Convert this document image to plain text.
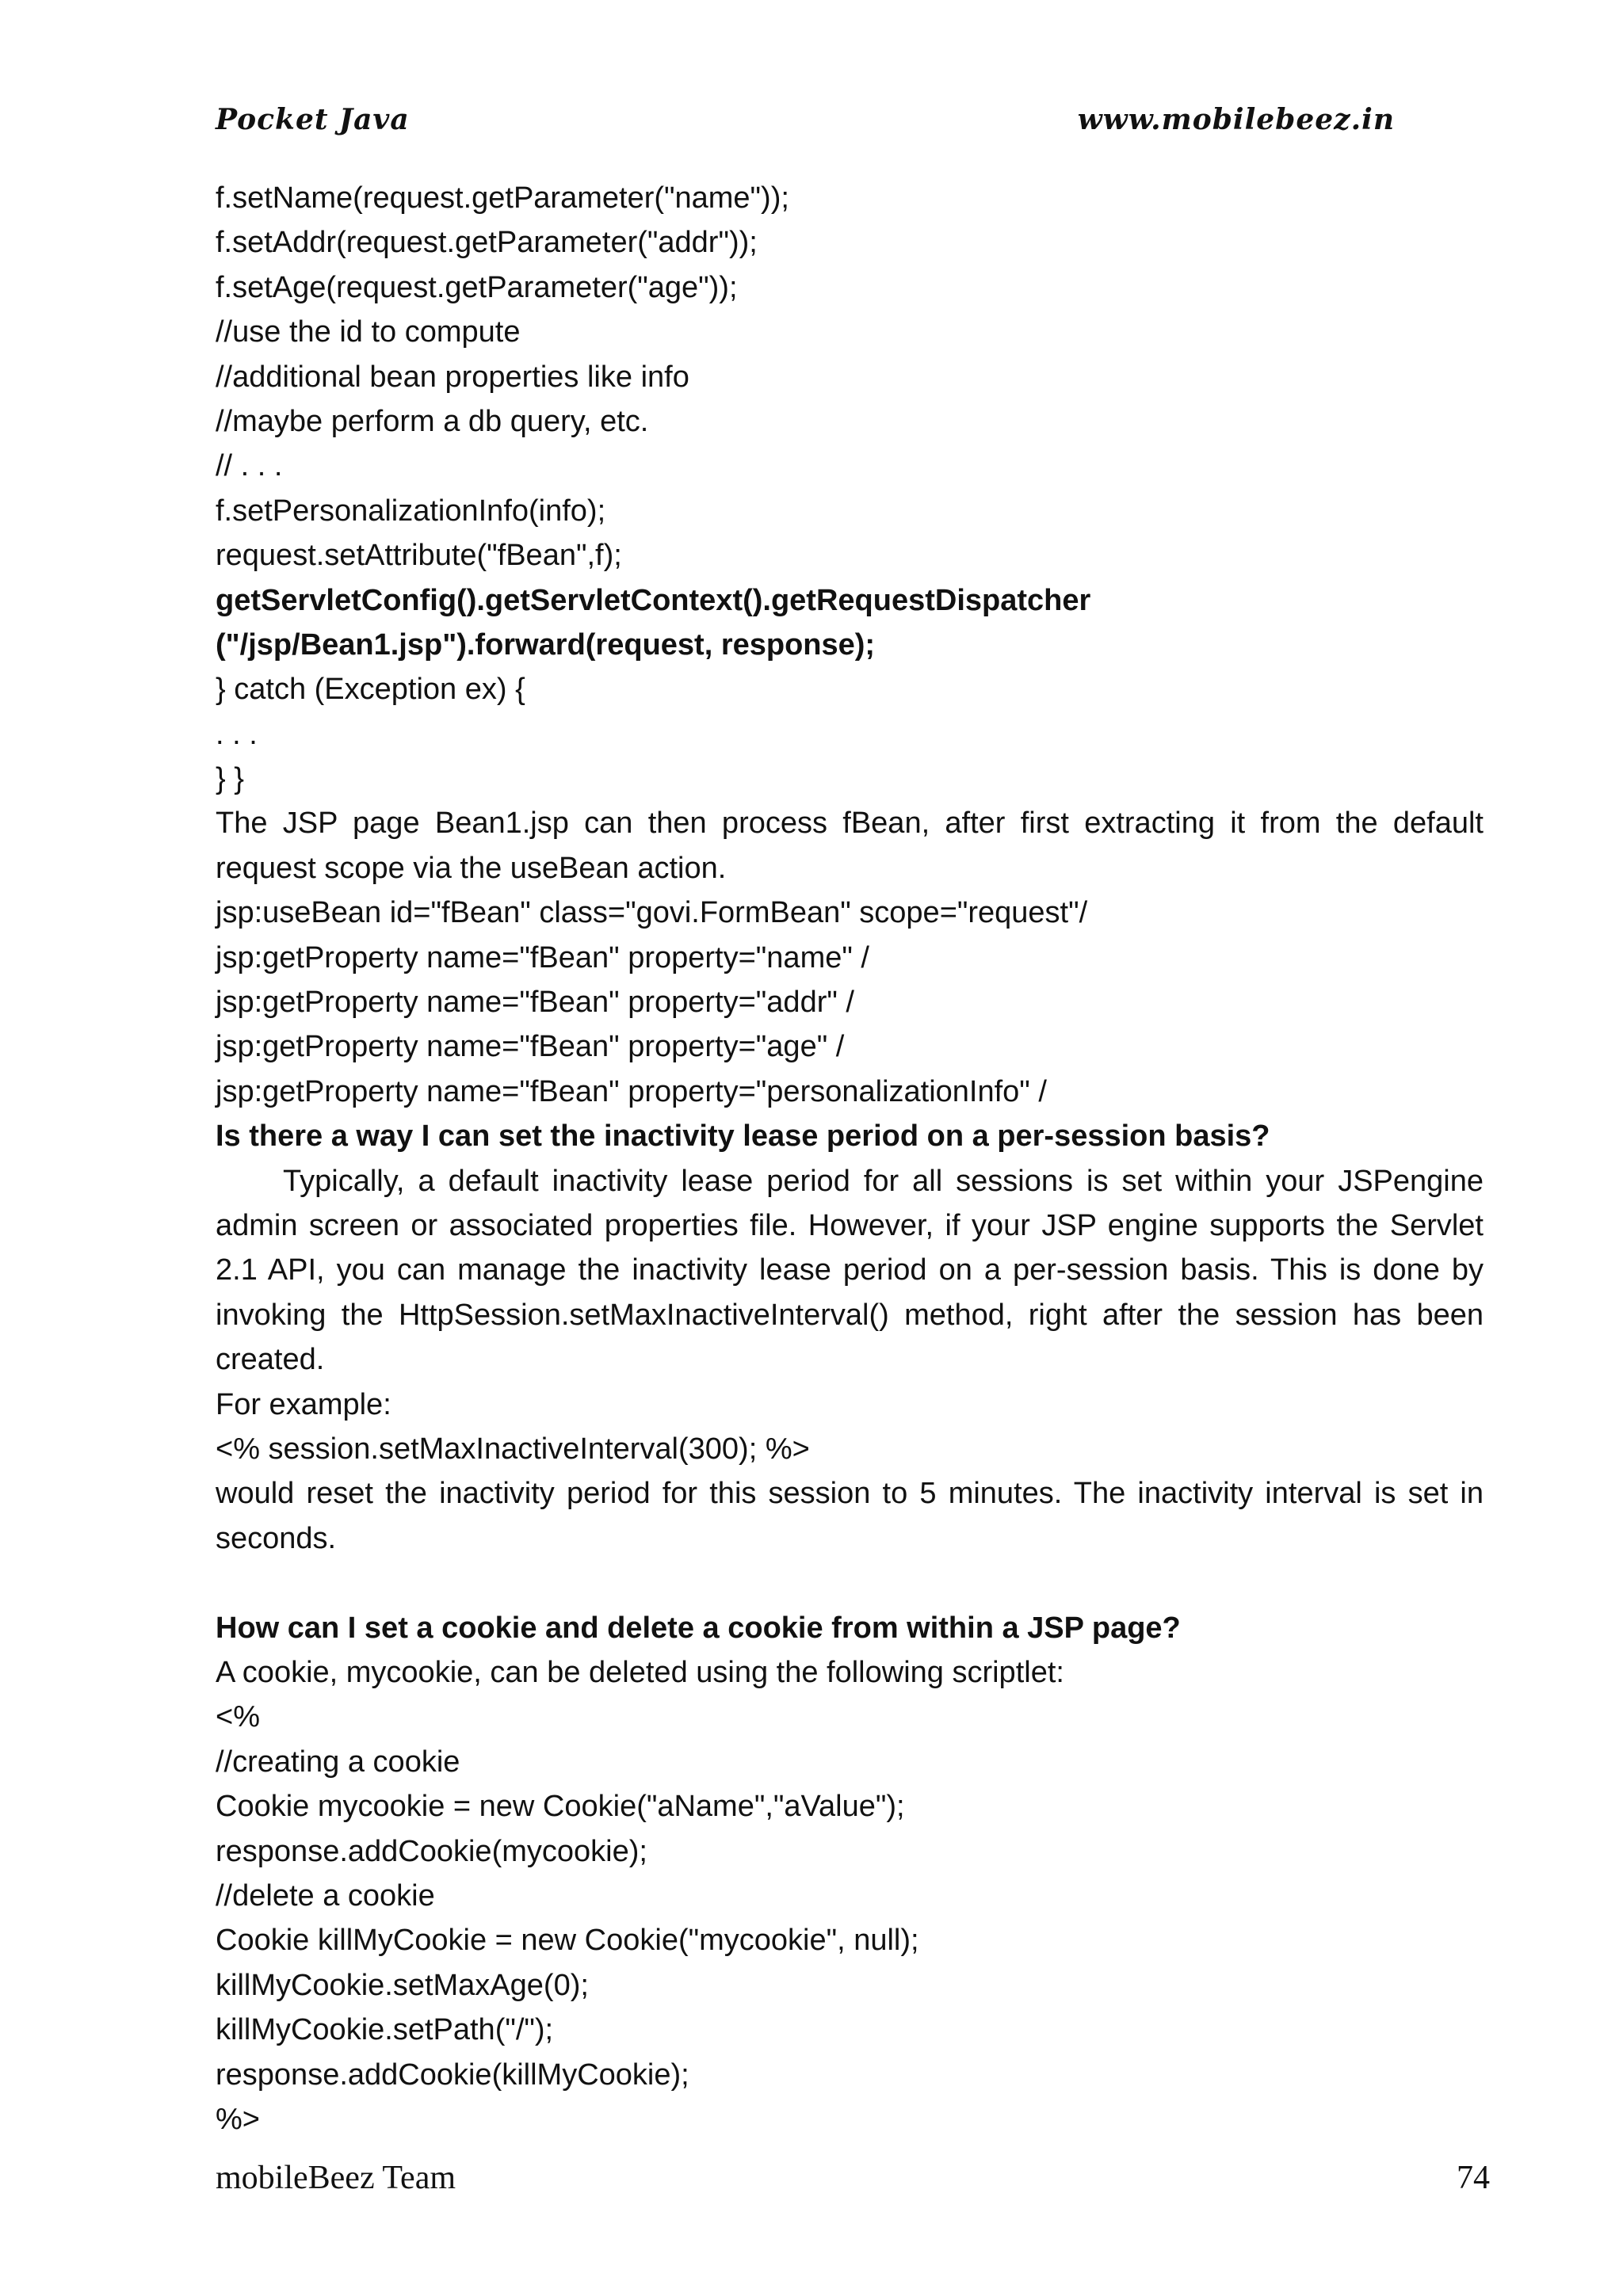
Pocket Java	www.mobilebeez.in
f.setName(request.getParameter("name"));
f.setAddr(request.getParameter("addr"));
f.setAge(request.getParameter("age"));
//use the id to compute
//additional bean properties like info
//maybe perform a db query, etc.
// . . .
f.setPersonalizationInfo(info);
request.setAttribute("fBean",f);
getServletConfig().getServletContext().getRequestDispatcher
("/jsp/Bean1.jsp").forward(request, response);
} catch (Exception ex) {
. . .
} }
The JSP page Bean1.jsp can then process fBean, after first extracting it from the default request scope via the useBean action.
jsp:useBean id="fBean" class="govi.FormBean" scope="request"/
jsp:getProperty name="fBean" property="name" /
jsp:getProperty name="fBean" property="addr" /
jsp:getProperty name="fBean" property="age" /
jsp:getProperty name="fBean" property="personalizationInfo" /
Is there a way I can set the inactivity lease period on a per-session basis?
Typically, a default inactivity lease period for all sessions is set within your JSPengine admin screen or associated properties file. However, if your JSP engine supports the Servlet 2.1 API, you can manage the inactivity lease period on a per-session basis. This is done by invoking the HttpSession.setMaxInactiveInterval() method, right after the session has been created.
For example:
<% session.setMaxInactiveInterval(300); %>
would reset the inactivity period for this session to 5 minutes. The inactivity interval is set in seconds.
How can I set a cookie and delete a cookie from within a JSP page?
A cookie, mycookie, can be deleted using the following scriptlet:
<%
//creating a cookie
Cookie mycookie = new Cookie("aName","aValue");
response.addCookie(mycookie);
//delete a cookie
Cookie killMyCookie = new Cookie("mycookie", null);
killMyCookie.setMaxAge(0);
killMyCookie.setPath("/");
response.addCookie(killMyCookie);
%>
mobileBeez Team	74
